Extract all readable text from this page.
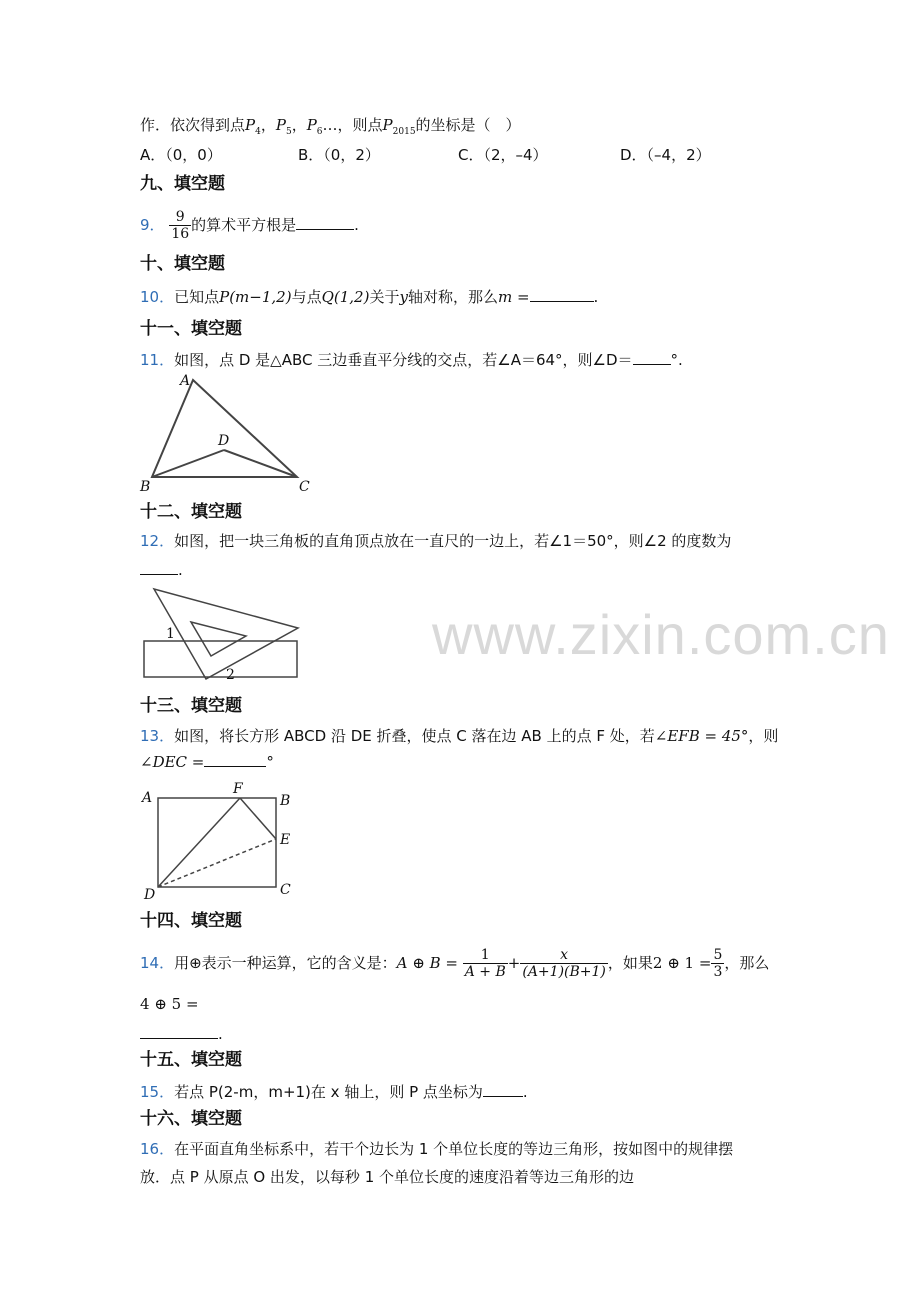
作．依次得到点$P_4$，$P_5$，$P_6\dots$，则点$P_{2015}$的坐标是（　）
A．（0，0）	B．（0，2）	C．（2，–4）	D．（–4，2）
九、填空题
9． $\frac{9}{16}$ 的算术平方根是	.
十、填空题
10．已知点P(m−1,2)与点Q(1,2)关于y轴对称，那么m =	.
十一、填空题
11．如图，点 D 是△ABC 三边垂直平分线的交点，若∠A＝64°，则∠D＝	°.
A
B	C
D
十二、填空题
12．如图，把一块三角板的直角顶点放在一直尺的一边上，若∠1＝50°，则∠2 的度数为
.
1
2
十三、填空题
13．如图，将长方形 ABCD 沿 DE 折叠，使点 C 落在边 AB 上的点 F 处，若∠EFB = 45°，则
∠DEC =	°
A	B
C
D
E
F
十四、填空题
14．用⊕表示一种运算，它的含义是：A ⊕ $B = \frac{1}{A + B} + \frac{x}{(A+1)(B+1)}$ ，如果2 ⊕ $1 = \frac{5}{3}$ ，那么
4 ⊕ 5 =
.
十五、填空题
15．若点 P(2-m，m+1)在 x 轴上，则 P 点坐标为	.
十六、填空题
16．在平面直角坐标系中，若干个边长为 1 个单位长度的等边三角形，按如图中的规律摆
放．点 P 从原点 O 出发，以每秒 1 个单位长度的速度沿着等边三角形的边
www.zixin.com.cn
